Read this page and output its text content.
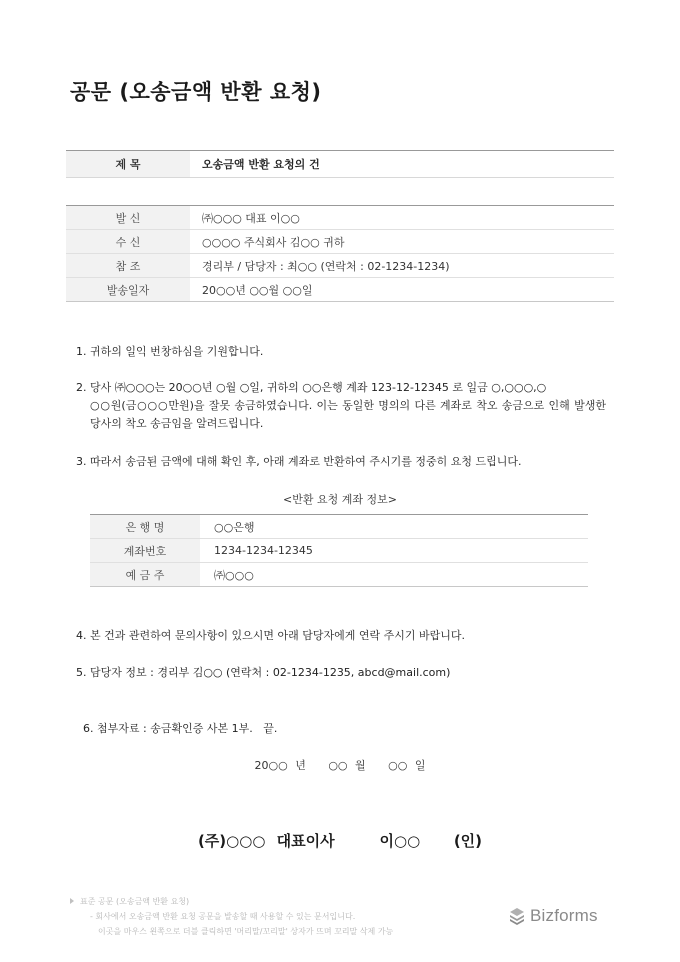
공문 (오송금액 반환 요청)
제 목	오송금액 반환 요청의 건
발 신	㈜○○○ 대표 이○○
수 신	○○○○ 주식회사 김○○ 귀하
참 조	경리부 / 담당자 : 최○○ (연락처 : 02-1234-1234)
발송일자	20○○년 ○○월 ○○일
1. 귀하의 일익 번창하심을 기원합니다.
2. 당사 ㈜○○○는 20○○년 ○월 ○일, 귀하의 ○○은행 계좌 123-12-12345 로 일금 ○,○○○,○
○○원(금○○○만원)을 잘못 송금하였습니다. 이는 동일한 명의의 다른 계좌로 착오 송금으로 인해 발생한 당사의 착오 송금임을 알려드립니다.
3. 따라서 송금된 금액에 대해 확인 후, 아래 계좌로 반환하여 주시기를 정중히 요청 드립니다.
<반환 요청 계좌 정보>
은 행 명	○○은행
계좌번호	1234-1234-12345
예 금 주	㈜○○○
4. 본 건과 관련하여 문의사항이 있으시면 아래 담당자에게 연락 주시기 바랍니다.
5. 담당자 정보 : 경리부 김○○ (연락처 : 02-1234-1235, abcd@mail.com)

6. 첨부자료 : 송금확인증 사본 1부.   끝.

20○○ 년   ○○ 월   ○○ 일
(주)○○○ 대표이사    이○○   (인)
표준 공문 (오송금액 반환 요청)
- 회사에서 오송금액 반환 요청 공문을 발송할 때 사용할 수 있는 문서입니다.
이곳을 마우스 왼쪽으로 더블 클릭하면 '머리말/꼬리말' 상자가 뜨며 꼬리말 삭제 가능
Bizforms
